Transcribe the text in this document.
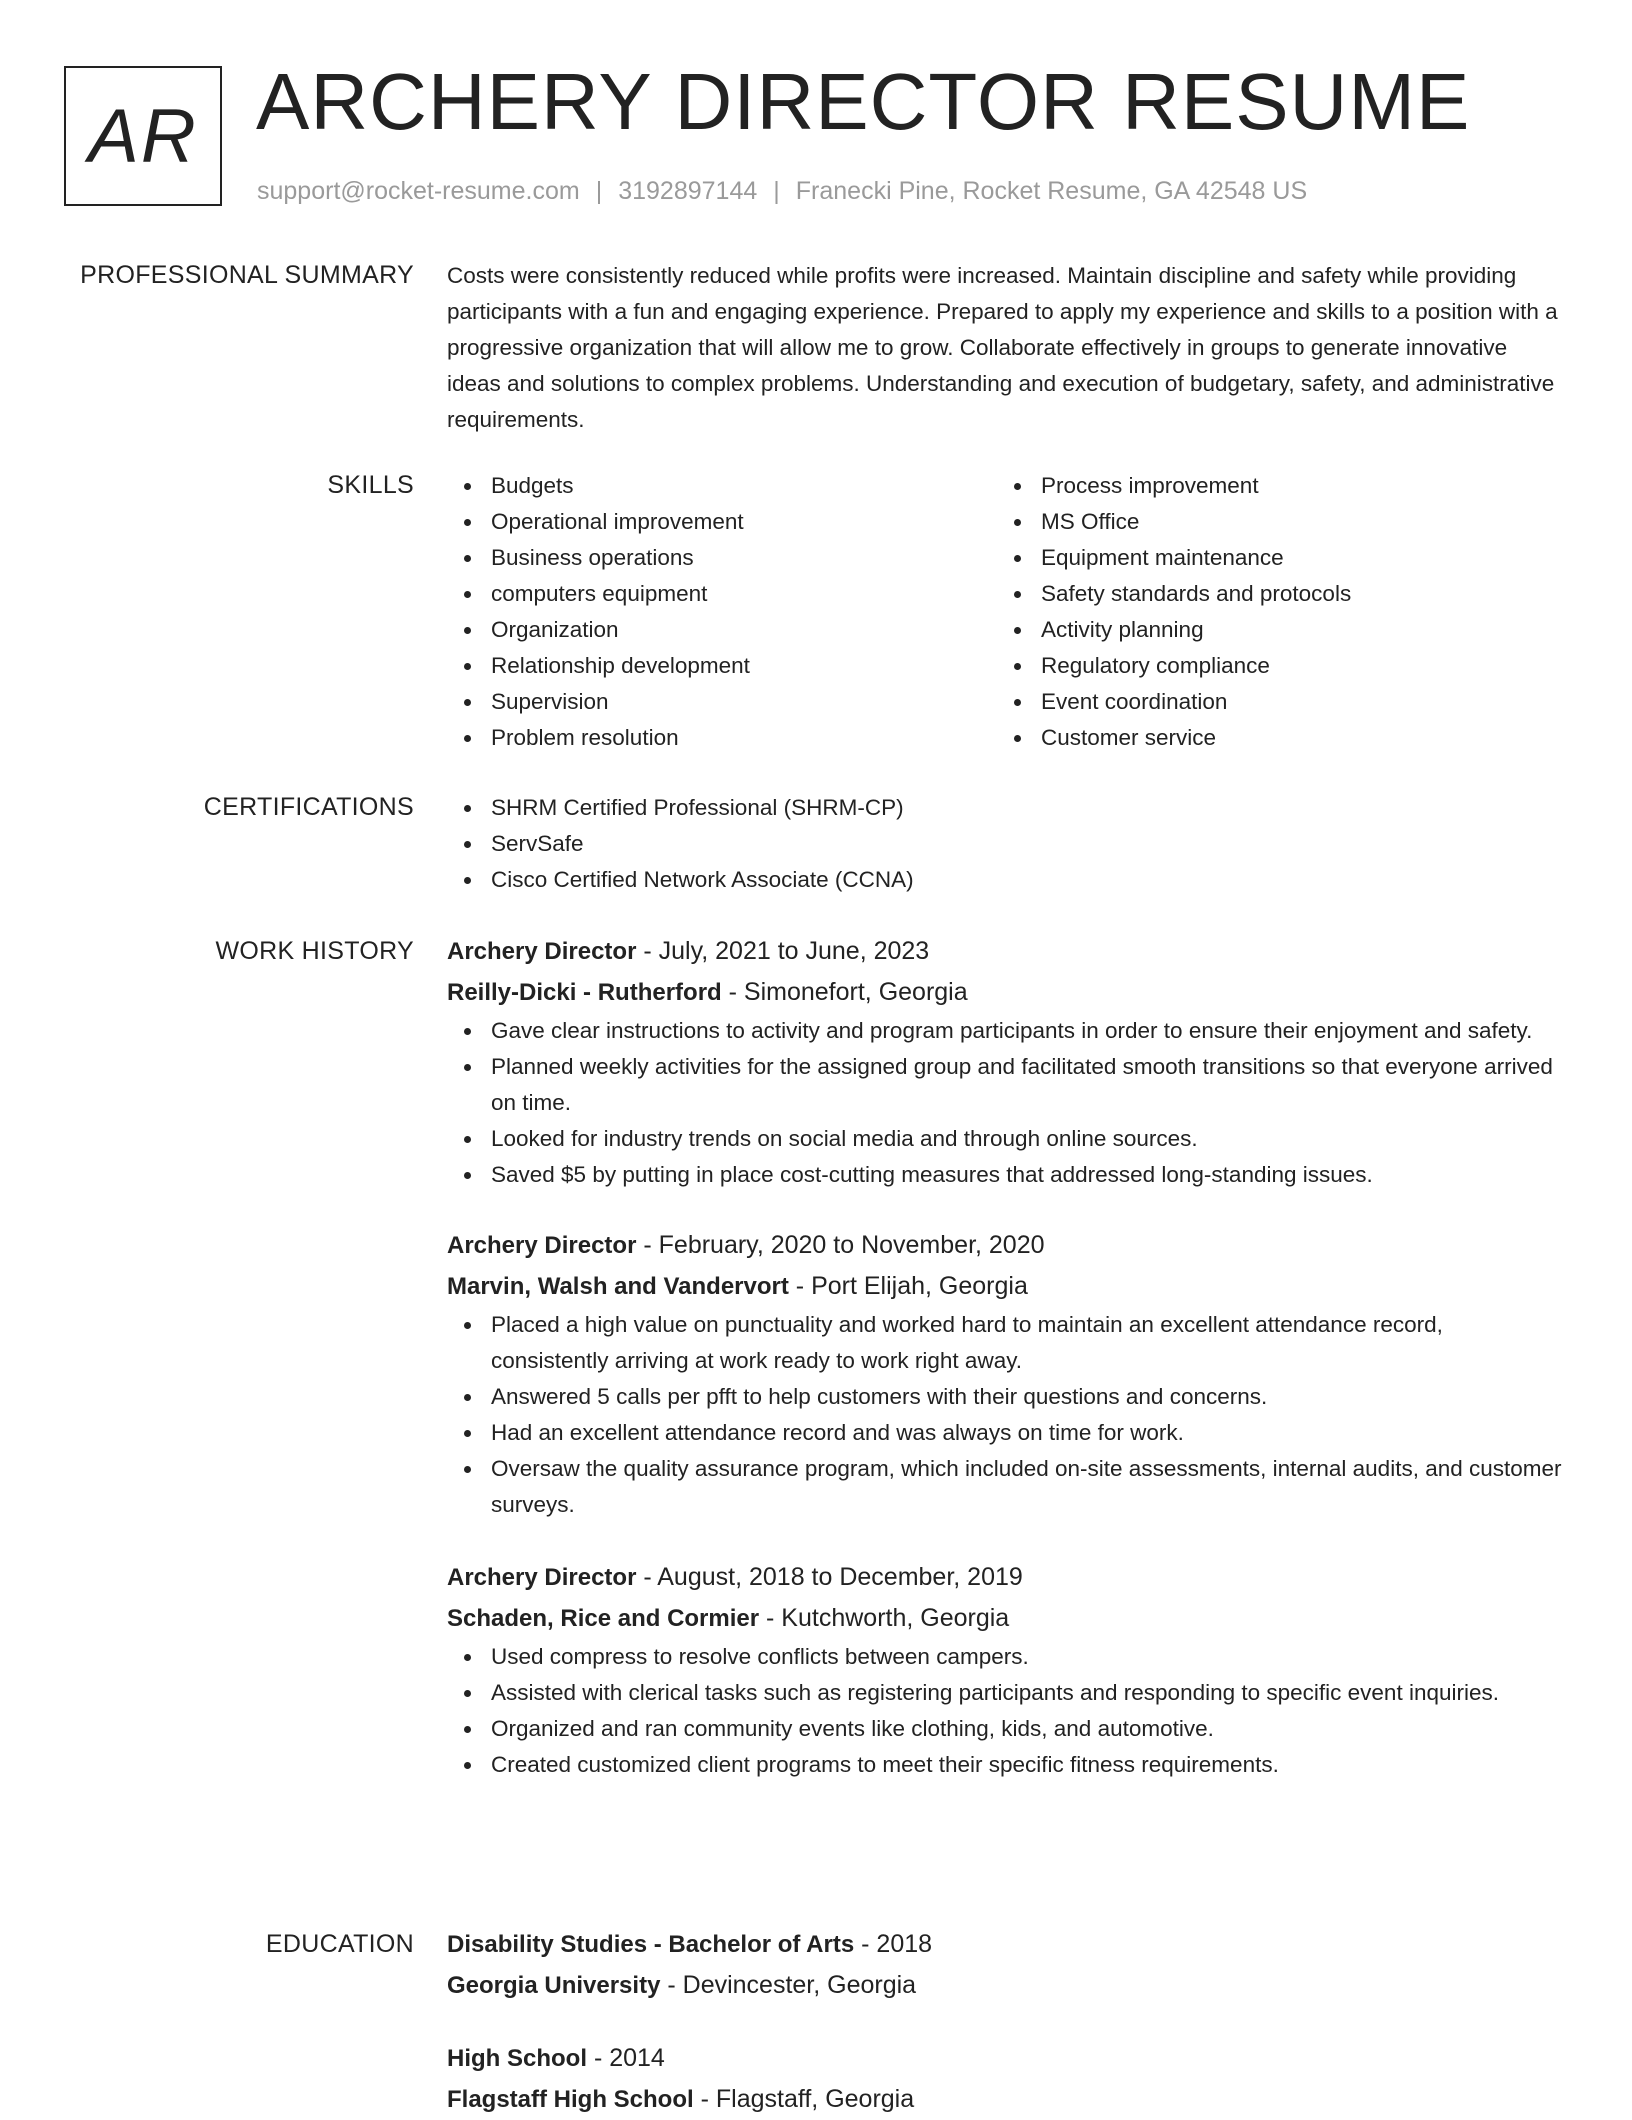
AR ARCHERY DIRECTOR RESUME
support@rocket-resume.com | 3192897144 | Franecki Pine, Rocket Resume, GA 42548 US
PROFESSIONAL SUMMARY Costs were consistently reduced while profits were increased. Maintain discipline and safety while providing participants with a fun and engaging experience. Prepared to apply my experience and skills to a position with a progressive organization that will allow me to grow. Collaborate effectively in groups to generate innovative ideas and solutions to complex problems. Understanding and execution of budgetary, safety, and administrative requirements.

SKILLS	Budgets
Operational improvement
Business operations
computers equipment
Organization
Relationship development
Supervision
Problem resolution
Process improvement
MS Office
Equipment maintenance
Safety standards and protocols
Activity planning
Regulatory compliance
Event coordination
Customer service
CERTIFICATIONS	SHRM Certified Professional (SHRM-CP)
ServSafe
Cisco Certified Network Associate (CCNA)
WORK HISTORY Archery Director - July, 2021 to June, 2023
Reilly-Dicki - Rutherford - Simonefort, Georgia
Gave clear instructions to activity and program participants in order to ensure their enjoyment and safety.
Planned weekly activities for the assigned group and facilitated smooth transitions so that everyone arrived on time.
Looked for industry trends on social media and through online sources.
Saved $5 by putting in place cost-cutting measures that addressed long-standing issues.
Archery Director - February, 2020 to November, 2020
Marvin, Walsh and Vandervort - Port Elijah, Georgia
Placed a high value on punctuality and worked hard to maintain an excellent attendance record, consistently arriving at work ready to work right away.
Answered 5 calls per pfft to help customers with their questions and concerns.
Had an excellent attendance record and was always on time for work.
Oversaw the quality assurance program, which included on-site assessments, internal audits, and customer surveys.
Archery Director - August, 2018 to December, 2019
Schaden, Rice and Cormier - Kutchworth, Georgia
Used compress to resolve conflicts between campers.
Assisted with clerical tasks such as registering participants and responding to specific event inquiries.
Organized and ran community events like clothing, kids, and automotive.
Created customized client programs to meet their specific fitness requirements.
EDUCATION Disability Studies - Bachelor of Arts - 2018
Georgia University - Devincester, Georgia
High School - 2014
Flagstaff High School - Flagstaff, Georgia
